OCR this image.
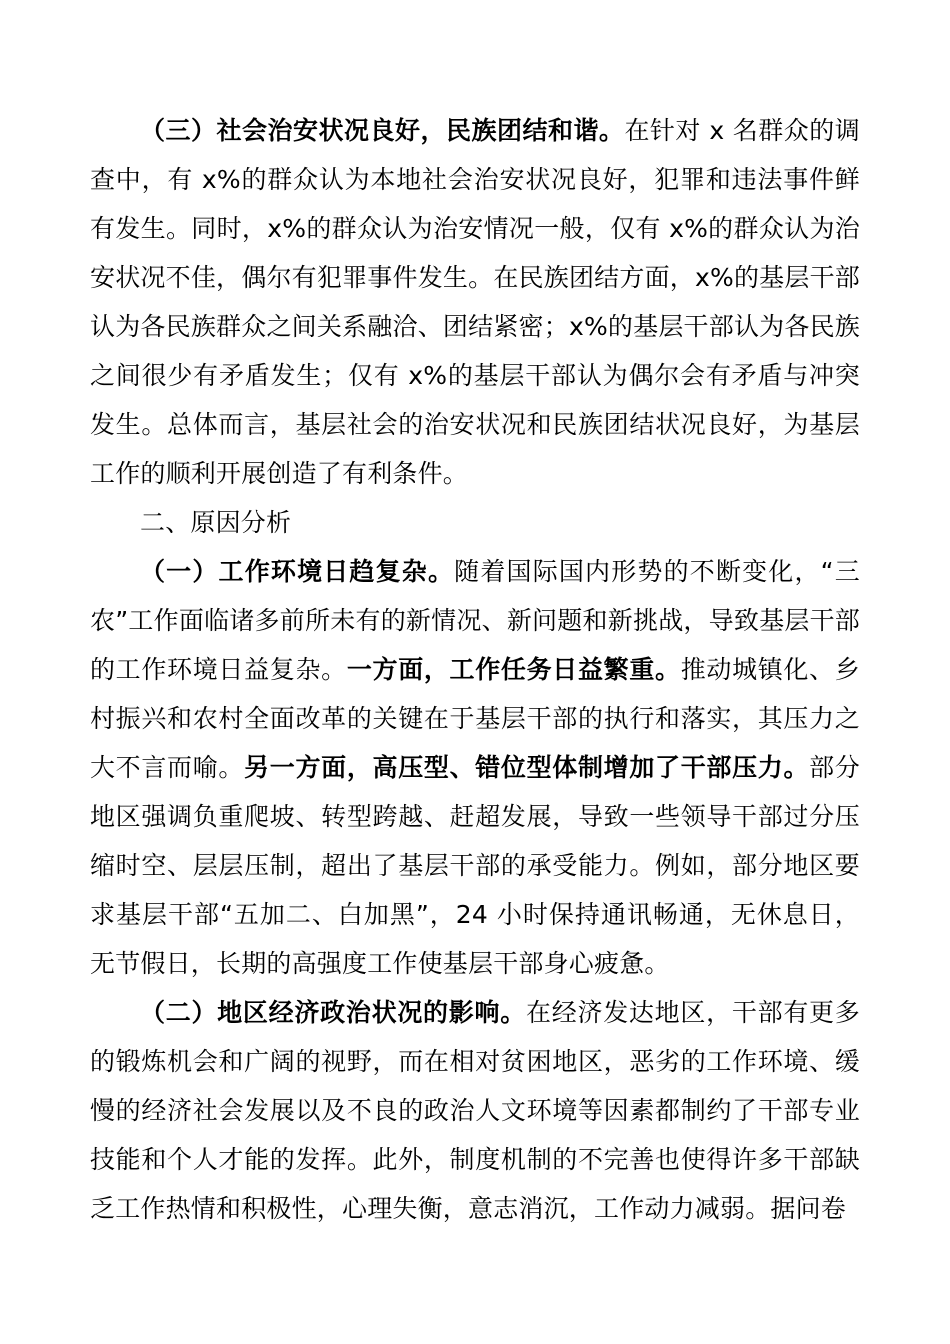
（三）社会治安状况良好，民族团结和谐。在针对 x 名群众的调查中，有 x%的群众认为本地社会治安状况良好，犯罪和违法事件鲜有发生。同时，x%的群众认为治安情况一般，仅有 x%的群众认为治安状况不佳，偶尔有犯罪事件发生。在民族团结方面，x%的基层干部认为各民族群众之间关系融洽、团结紧密；x%的基层干部认为各民族之间很少有矛盾发生；仅有 x%的基层干部认为偶尔会有矛盾与冲突发生。总体而言，基层社会的治安状况和民族团结状况良好，为基层工作的顺利开展创造了有利条件。

二、原因分析

（一）工作环境日趋复杂。随着国际国内形势的不断变化，“三农”工作面临诸多前所未有的新情况、新问题和新挑战，导致基层干部的工作环境日益复杂。一方面，工作任务日益繁重。推动城镇化、乡村振兴和农村全面改革的关键在于基层干部的执行和落实，其压力之大不言而喻。另一方面，高压型、错位型体制增加了干部压力。部分地区强调负重爬坡、转型跨越、赶超发展，导致一些领导干部过分压缩时空、层层压制，超出了基层干部的承受能力。例如，部分地区要求基层干部“五加二、白加黑”，24 小时保持通讯畅通，无休息日，无节假日，长期的高强度工作使基层干部身心疲惫。

（二）地区经济政治状况的影响。在经济发达地区，干部有更多的锻炼机会和广阔的视野，而在相对贫困地区，恶劣的工作环境、缓慢的经济社会发展以及不良的政治人文环境等因素都制约了干部专业技能和个人才能的发挥。此外，制度机制的不完善也使得许多干部缺乏工作热情和积极性，心理失衡，意志消沉，工作动力减弱。据问卷
